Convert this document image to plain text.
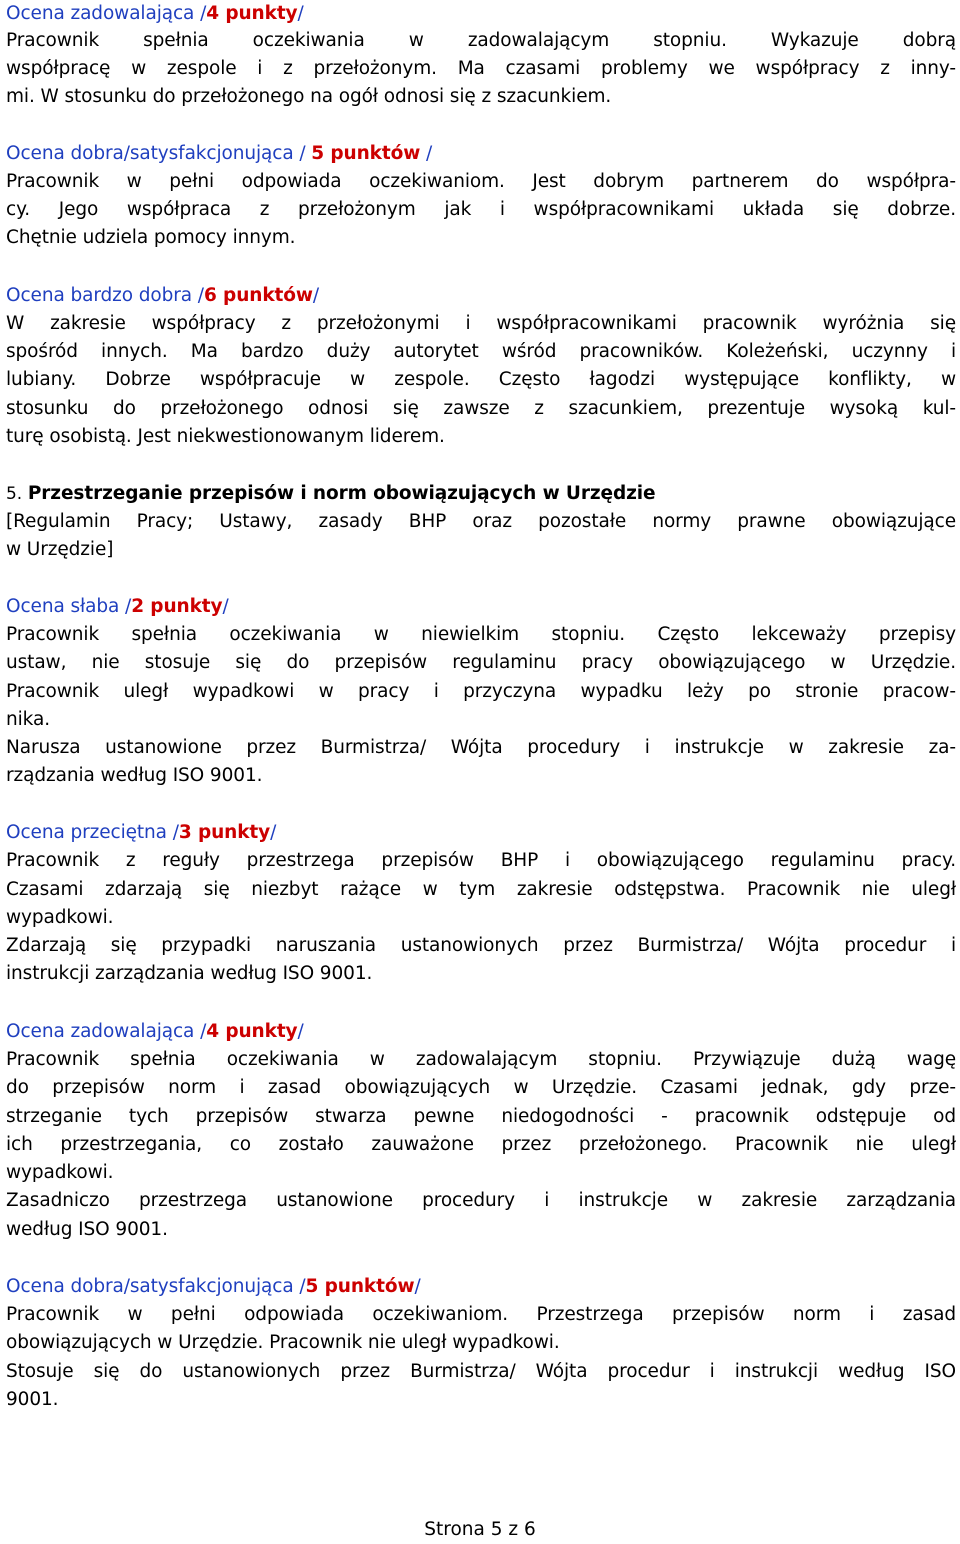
Ocena zadowalająca /4 punkty/
Pracownik spełnia oczekiwania w zadowalającym stopniu. Wykazuje dobrą
współpracę w zespole i z przełożonym. Ma czasami problemy we współpracy z inny-
mi. W stosunku do przełożonego na ogół odnosi się z szacunkiem.
Ocena dobra/satysfakcjonująca / 5 punktów /
Pracownik w pełni odpowiada oczekiwaniom. Jest dobrym partnerem do współpra-
cy. Jego współpraca z przełożonym jak i współpracownikami układa się dobrze.
Chętnie udziela pomocy innym.
Ocena bardzo dobra /6 punktów/
W zakresie współpracy z przełożonymi i współpracownikami pracownik wyróżnia się
spośród innych. Ma bardzo duży autorytet wśród pracowników. Koleżeński, uczynny i
lubiany. Dobrze współpracuje w zespole. Często łagodzi występujące konflikty, w
stosunku do przełożonego odnosi się zawsze z szacunkiem, prezentuje wysoką kul-
turę osobistą. Jest niekwestionowanym liderem.
5. Przestrzeganie przepisów i norm obowiązujących w Urzędzie
[Regulamin Pracy; Ustawy, zasady BHP oraz pozostałe normy prawne obowiązujące
w Urzędzie]
Ocena słaba /2 punkty/
Pracownik spełnia oczekiwania w niewielkim stopniu. Często lekceważy przepisy
ustaw, nie stosuje się do przepisów regulaminu pracy obowiązującego w Urzędzie.
Pracownik uległ wypadkowi w pracy i przyczyna wypadku leży po stronie pracow-
nika.
Narusza ustanowione przez Burmistrza/ Wójta procedury i instrukcje w zakresie za-
rządzania według ISO 9001.
Ocena przeciętna /3 punkty/
Pracownik z reguły przestrzega przepisów BHP i obowiązującego regulaminu pracy.
Czasami zdarzają się niezbyt rażące w tym zakresie odstępstwa. Pracownik nie uległ
wypadkowi.
Zdarzają się przypadki naruszania ustanowionych przez Burmistrza/ Wójta procedur i
instrukcji zarządzania według ISO 9001.
Ocena zadowalająca /4 punkty/
Pracownik spełnia oczekiwania w zadowalającym stopniu. Przywiązuje dużą wagę
do przepisów norm i zasad obowiązujących w Urzędzie. Czasami jednak, gdy prze-
strzeganie tych przepisów stwarza pewne niedogodności - pracownik odstępuje od
ich przestrzegania, co zostało zauważone przez przełożonego. Pracownik nie uległ
wypadkowi.
Zasadniczo przestrzega ustanowione procedury i instrukcje w zakresie zarządzania
według ISO 9001.
Ocena dobra/satysfakcjonująca /5 punktów/
Pracownik w pełni odpowiada oczekiwaniom. Przestrzega przepisów norm i zasad
obowiązujących w Urzędzie. Pracownik nie uległ wypadkowi.
Stosuje się do ustanowionych przez Burmistrza/ Wójta procedur i instrukcji według ISO
9001.
Strona 5 z 6
